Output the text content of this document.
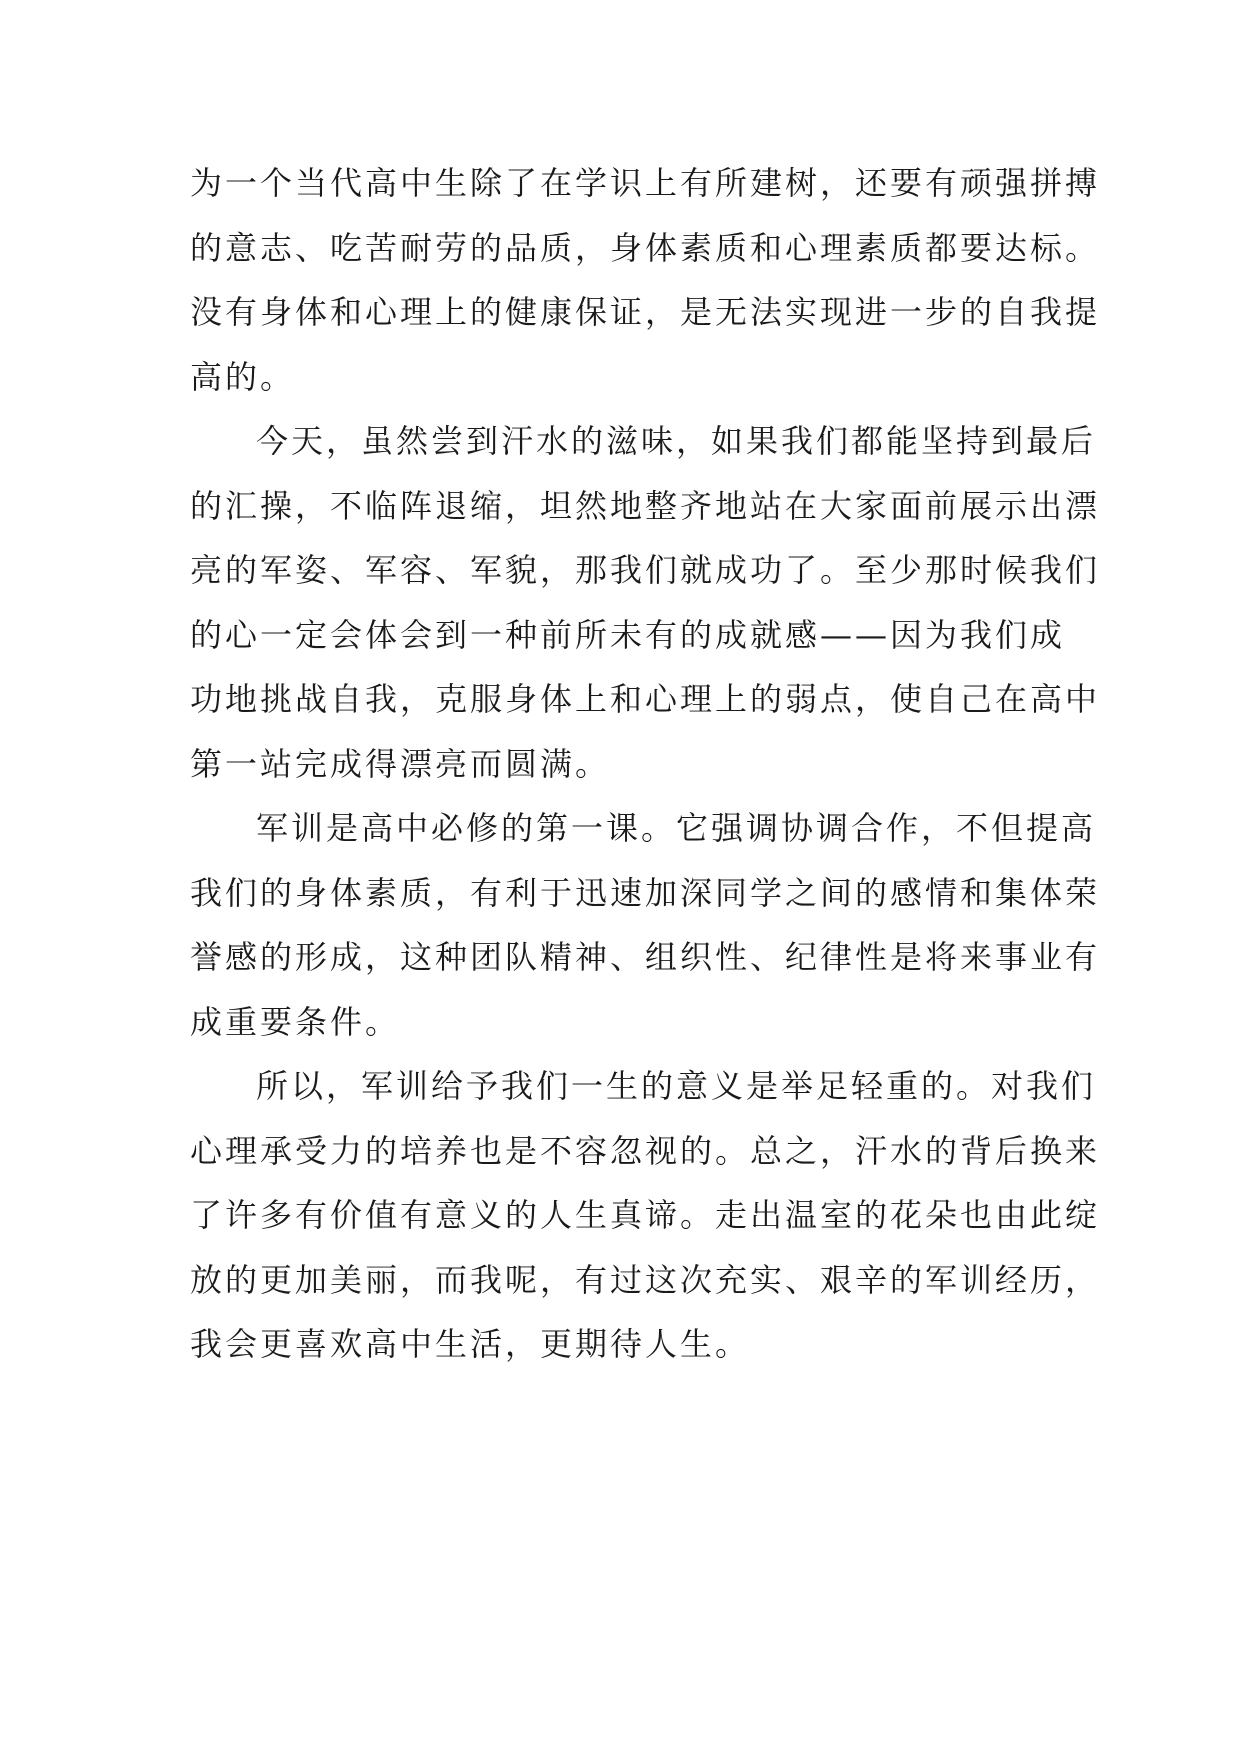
为一个当代高中生除了在学识上有所建树，还要有顽强拼搏
的意志、吃苦耐劳的品质，身体素质和心理素质都要达标。
没有身体和心理上的健康保证，是无法实现进一步的自我提
高的。
今天，虽然尝到汗水的滋味，如果我们都能坚持到最后
的汇操，不临阵退缩，坦然地整齐地站在大家面前展示出漂
亮的军姿、军容、军貌，那我们就成功了。至少那时候我们
的心一定会体会到一种前所未有的成就感——因为我们成
功地挑战自我，克服身体上和心理上的弱点，使自己在高中
第一站完成得漂亮而圆满。
军训是高中必修的第一课。它强调协调合作，不但提高
我们的身体素质，有利于迅速加深同学之间的感情和集体荣
誉感的形成，这种团队精神、组织性、纪律性是将来事业有
成重要条件。
所以，军训给予我们一生的意义是举足轻重的。对我们
心理承受力的培养也是不容忽视的。总之，汗水的背后换来
了许多有价值有意义的人生真谛。走出温室的花朵也由此绽
放的更加美丽，而我呢，有过这次充实、艰辛的军训经历，
我会更喜欢高中生活，更期待人生。
